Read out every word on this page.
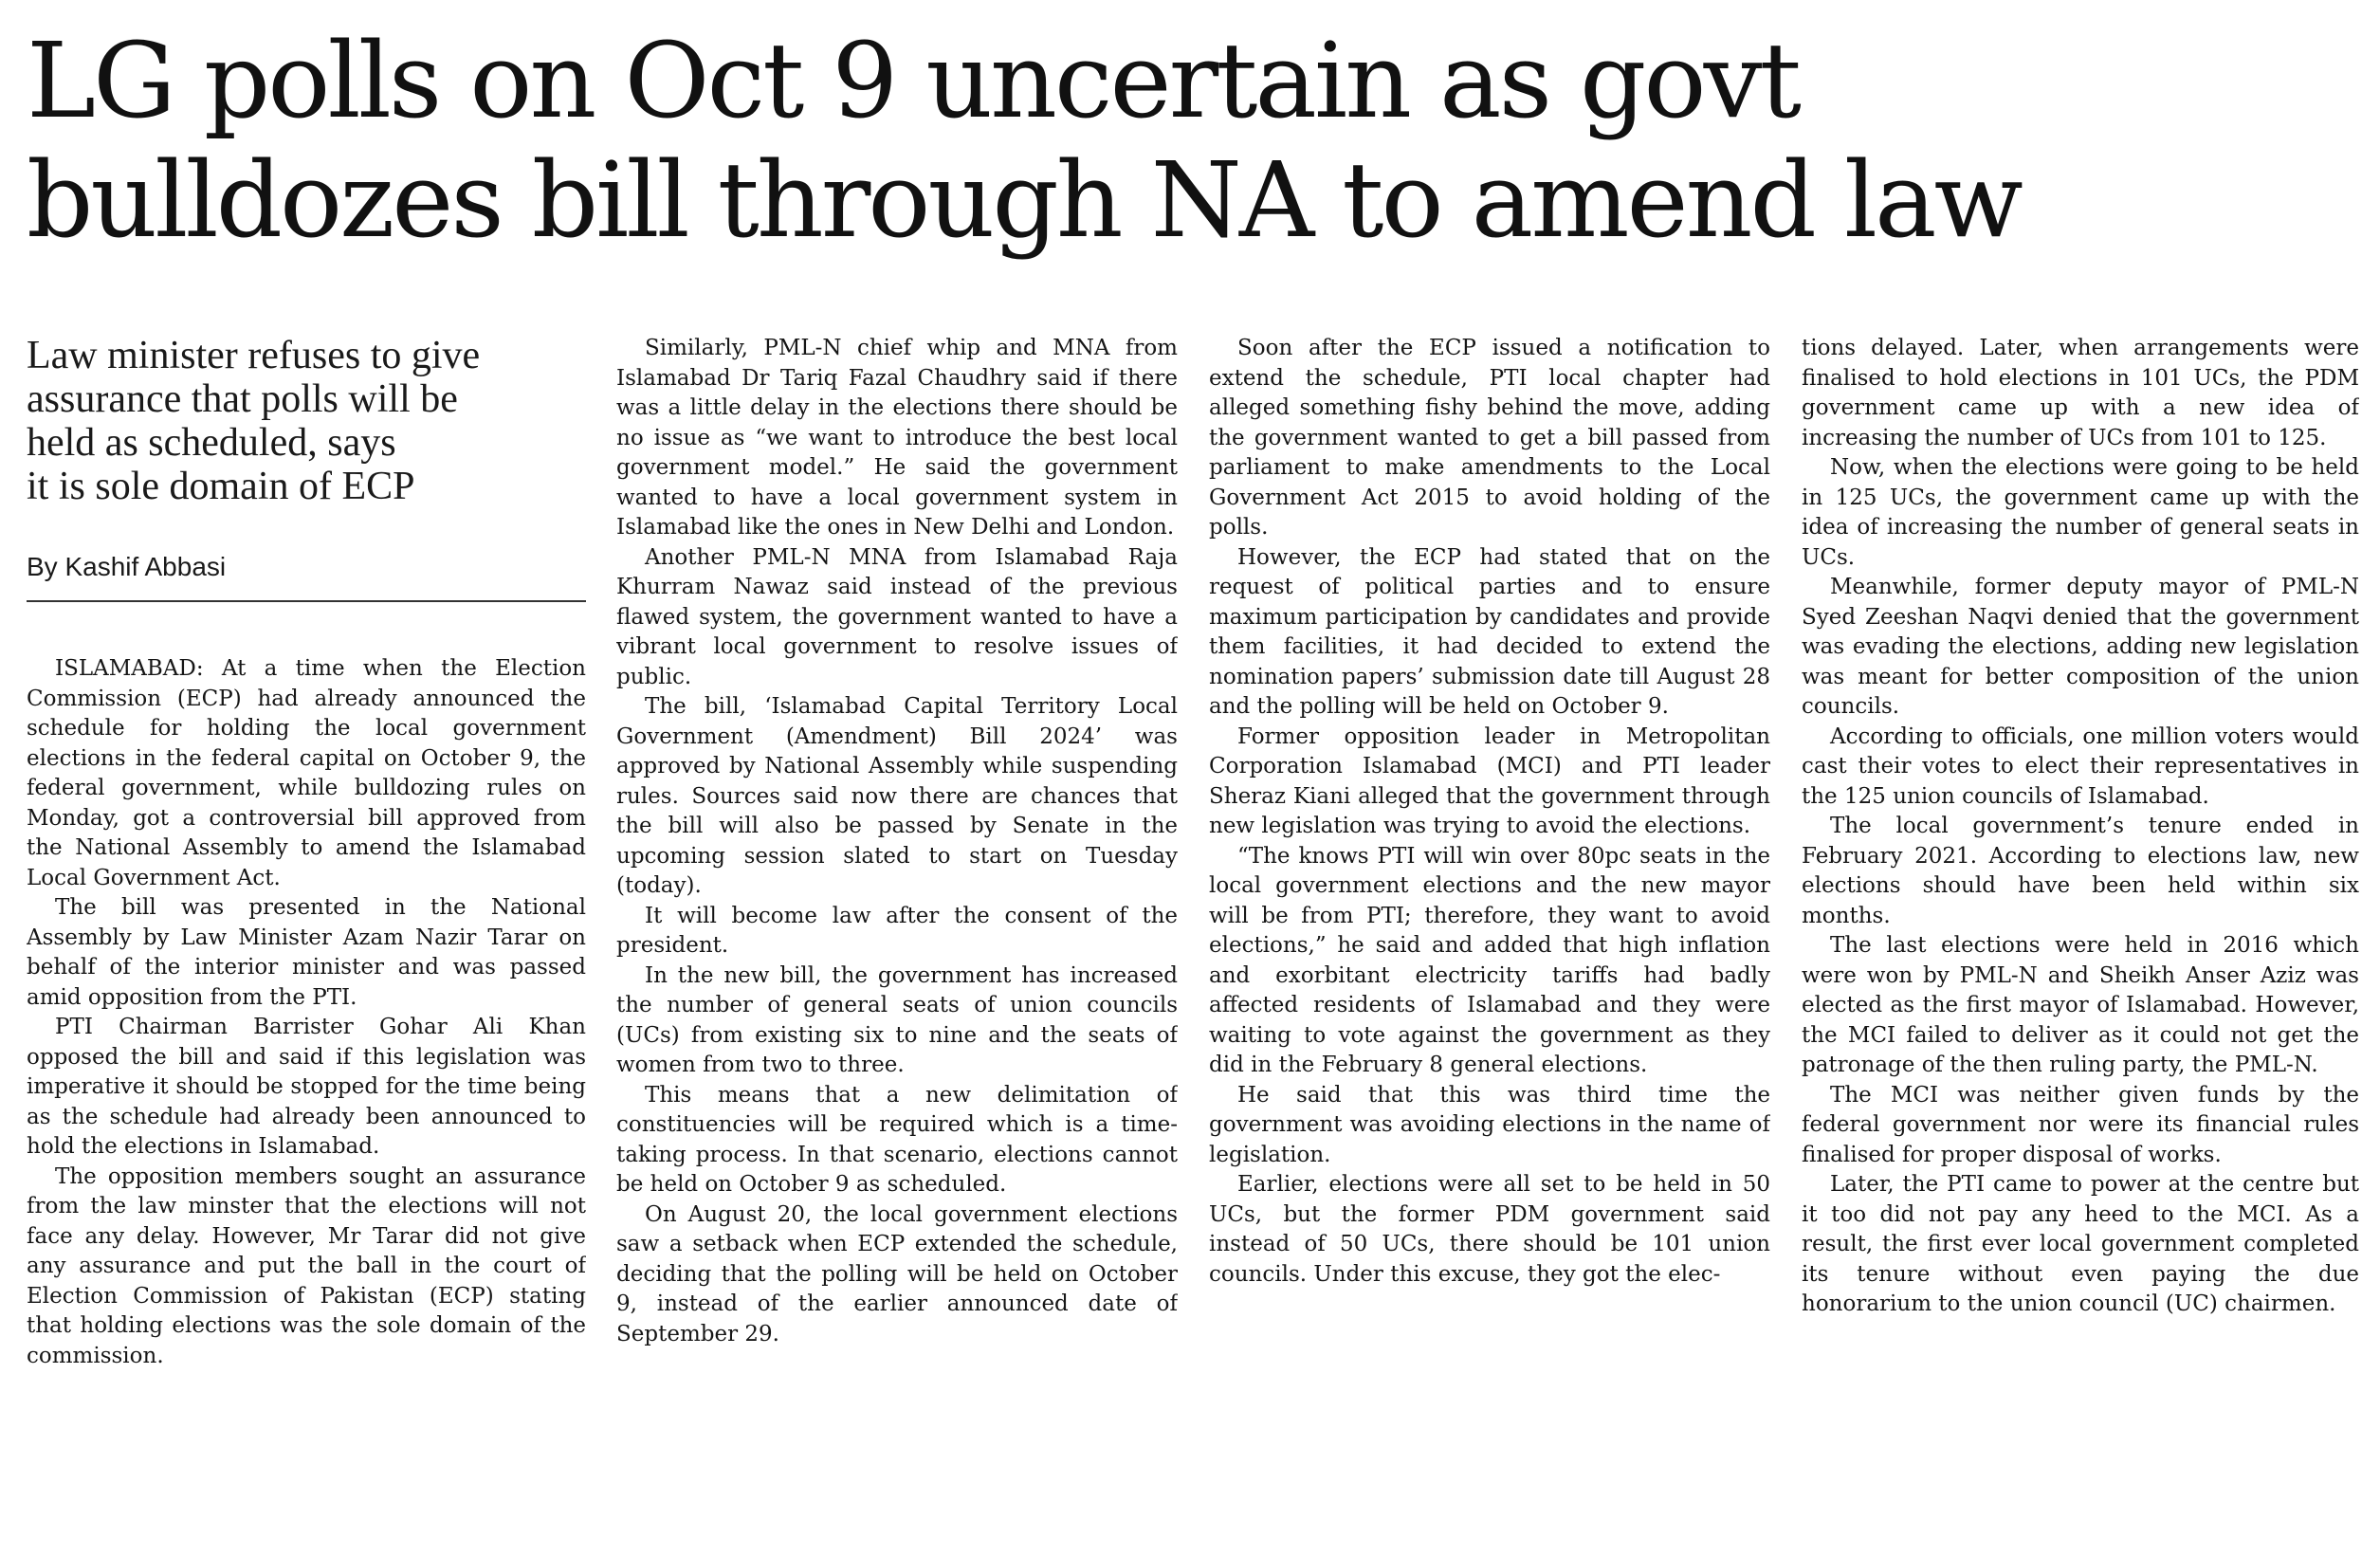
LG polls on Oct 9 uncertain as govt
bulldozes bill through NA to amend law
Law minister refuses to give
assurance that polls will be
held as scheduled, says
it is sole domain of ECP
By Kashif Abbasi

ISLAMABAD: At a time when the Election Commission (ECP) had already announced the schedule for holding the local government elections in the federal capital on October 9, the federal government, while bulldozing rules on Monday, got a controversial bill approved from the National Assembly to amend the Islamabad Local Government Act.

The bill was presented in the National Assembly by Law Minister Azam Nazir Tarar on behalf of the interior minister and was passed amid opposition from the PTI.

PTI Chairman Barrister Gohar Ali Khan opposed the bill and said if this legislation was imperative it should be stopped for the time being as the schedule had already been announced to hold the elections in Islamabad.

The opposition members sought an assurance from the law minster that the elections will not face any delay. However, Mr Tarar did not give any assurance and put the ball in the court of Election Commission of Pakistan (ECP) stating that holding elections was the sole domain of the commission.

Similarly, PML-N chief whip and MNA from Islamabad Dr Tariq Fazal Chaudhry said if there was a little delay in the elections there should be no issue as “we want to introduce the best local government model.” He said the government wanted to have a local government system in Islamabad like the ones in New Delhi and London.

Another PML-N MNA from Islamabad Raja Khurram Nawaz said instead of the previous flawed system, the government wanted to have a vibrant local government to resolve issues of public.

The bill, ‘Islamabad Capital Territory Local Government (Amendment) Bill 2024’ was approved by National Assembly while suspending rules. Sources said now there are chances that the bill will also be passed by Senate in the upcoming session slated to start on Tuesday (today).

It will become law after the consent of the president.

In the new bill, the government has increased the number of general seats of union councils (UCs) from existing six to nine and the seats of women from two to three.

This means that a new delimitation of constituencies will be required which is a time-taking process. In that scenario, elections cannot be held on October 9 as scheduled.

On August 20, the local government elections saw a setback when ECP extended the schedule, deciding that the polling will be held on October 9, instead of the earlier announced date of September 29.

Soon after the ECP issued a notification to extend the schedule, PTI local chapter had alleged something fishy behind the move, adding the government wanted to get a bill passed from parliament to make amendments to the Local Government Act 2015 to avoid holding of the polls.

However, the ECP had stated that on the request of political parties and to ensure maximum participation by candidates and provide them facilities, it had decided to extend the nomination papers’ submission date till August 28 and the polling will be held on October 9.

Former opposition leader in Metropolitan Corporation Islamabad (MCI) and PTI leader Sheraz Kiani alleged that the government through new legislation was trying to avoid the elections.

“The knows PTI will win over 80pc seats in the local government elections and the new mayor will be from PTI; therefore, they want to avoid elections,” he said and added that high inflation and exorbitant electricity tariffs had badly affected residents of Islamabad and they were waiting to vote against the government as they did in the February 8 general elections.

He said that this was third time the government was avoiding elections in the name of legislation.

Earlier, elections were all set to be held in 50 UCs, but the former PDM government said instead of 50 UCs, there should be 101 union councils. Under this excuse, they got the elec-

tions delayed. Later, when arrangements were finalised to hold elections in 101 UCs, the PDM government came up with a new idea of increasing the number of UCs from 101 to 125.

Now, when the elections were going to be held in 125 UCs, the government came up with the idea of increasing the number of general seats in UCs.

Meanwhile, former deputy mayor of PML-N Syed Zeeshan Naqvi denied that the government was evading the elections, adding new legislation was meant for better composition of the union councils.

According to officials, one million voters would cast their votes to elect their representatives in the 125 union councils of Islamabad.

The local government’s tenure ended in February 2021. According to elections law, new elections should have been held within six months.

The last elections were held in 2016 which were won by PML-N and Sheikh Anser Aziz was elected as the first mayor of Islamabad. However, the MCI failed to deliver as it could not get the patronage of the then ruling party, the PML-N.

The MCI was neither given funds by the federal government nor were its financial rules finalised for proper disposal of works.

Later, the PTI came to power at the centre but it too did not pay any heed to the MCI. As a result, the first ever local government completed its tenure without even paying the due honorarium to the union council (UC) chairmen.
